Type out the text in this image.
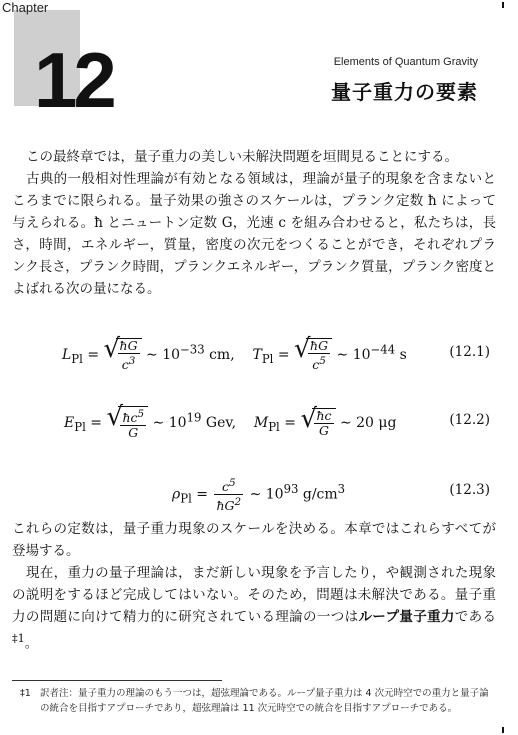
Chapter
12	Elements of Quantum Gravity
量子重力の要素

この最終章では，量子重力の美しい未解決問題を垣間見ることにする。

古典的一般相対性理論が有効となる領域は，理論が量子的現象を含まないところまでに限られる。量子効果の強さのスケールは，プランク定数 ħ によって与えられる。ħ とニュートン定数 G，光速 c を組み合わせると，私たちは，長さ，時間，エネルギー，質量，密度の次元をつくることができ，それぞれプランク長さ，プランク時間，プランクエネルギー，プランク質量，プランク密度とよばれる次の量になる。

$L_{Pl}$ = √
$\frac{ħG}{c^3}$ ∼ $10^{-33}$ cm, $T_{Pl}$ = √
$\frac{ħG}{c^5}$ ∼ $10^{-44}$ s	(12.1)
$E_{Pl}$ = √
$\frac{ħc^5}{G}$ ∼ $10^{19}$ Gev, $M_{Pl}$ = √
$\frac{ħc}{G}$ ∼ 20 μg	(12.2)
$\rho_{Pl} = \frac{c^5}{ħG^2}$ ∼ $10^{93}$ $g/cm^3$	(12.3)

これらの定数は，量子重力現象のスケールを決める。本章ではこれらすべてが登場する。

現在，重力の量子理論は，まだ新しい現象を予言したり，や観測された現象の説明をするほど完成してはいない。そのため，問題は未解決である。量子重力の問題に向けて精力的に研究されている理論の一つはループ量子重力である$^{\ddagger 1}$。

‡1 訳者注：量子重力の理論のもう一つは，超弦理論である。ループ量子重力は 4 次元時空での重力と量子論の統合を目指すアプローチであり，超弦理論は 11 次元時空での統合を目指すアプローチである。
